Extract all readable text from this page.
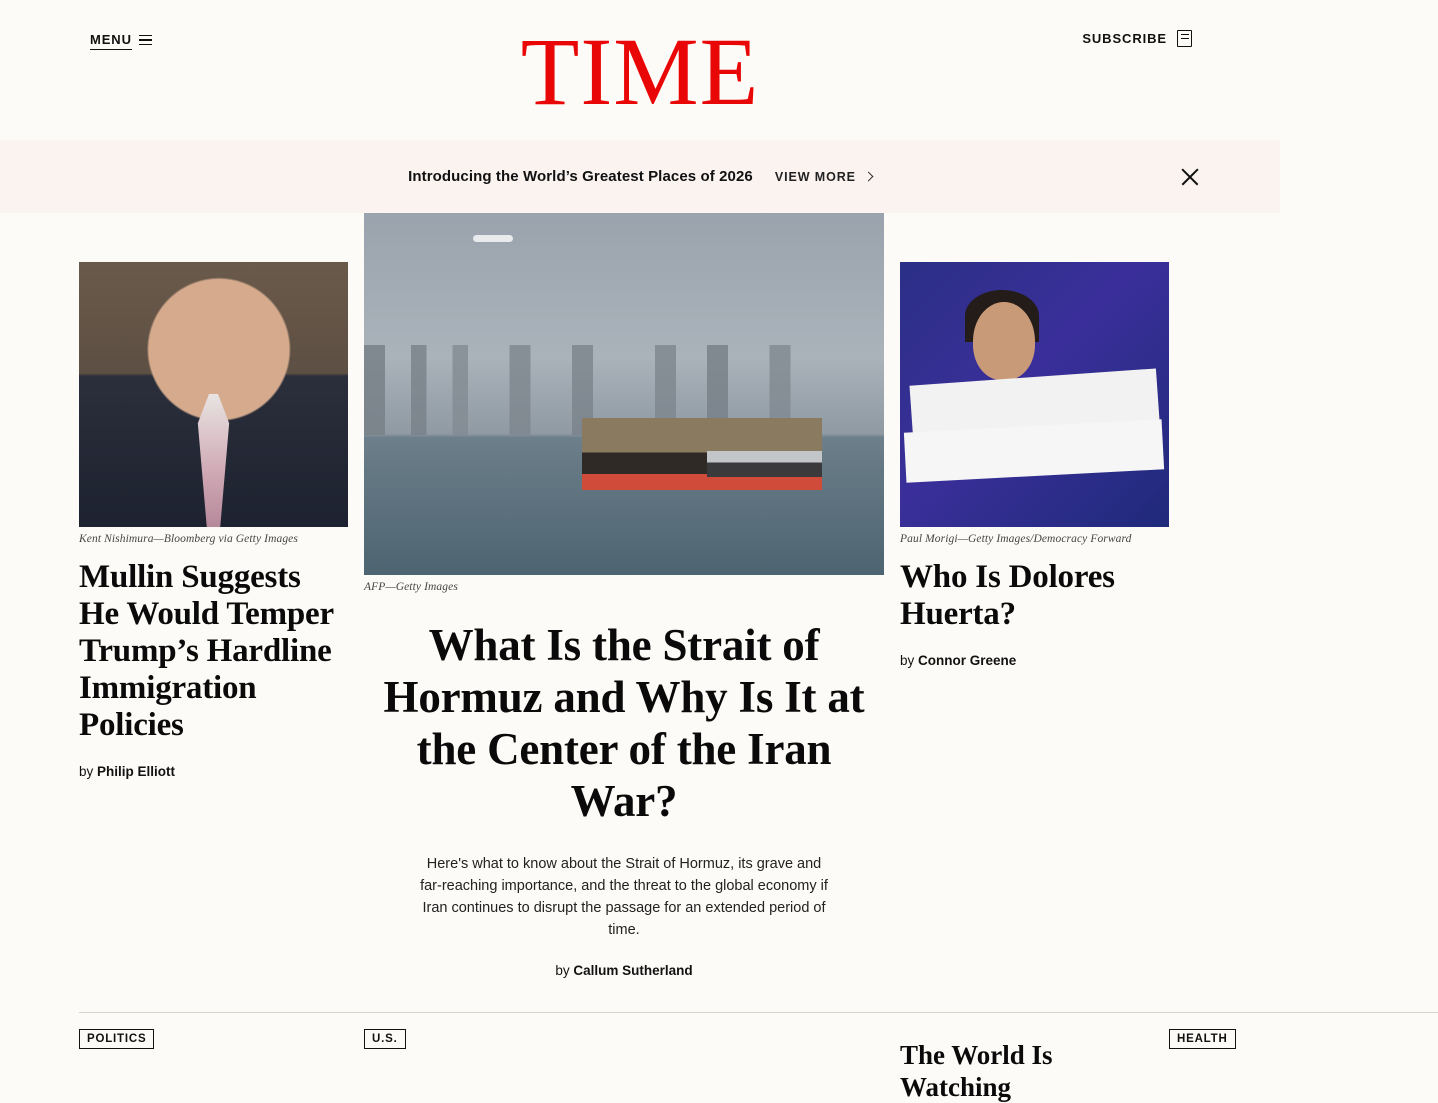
MENU	TIME	SUBSCRIBE
Introducing the World’s Greatest Places of 2026 VIEW MORE
Kent Nishimura—Bloomberg via Getty Images
Mullin Suggests He Would Temper Trump’s Hardline Immigration Policies
by Philip Elliott
AFP—Getty Images
What Is the Strait of Hormuz and Why Is It at the Center of the Iran War?

Here's what to know about the Strait of Hormuz, its grave and far-reaching importance, and the threat to the global economy if Iran continues to disrupt the passage for an extended period of time.

by Callum Sutherland
Paul Morigi—Getty Images/Democracy Forward
Who Is Dolores Huerta?
by Connor Greene
POLITICS	U.S.
The World Is Watching
HEALTH
